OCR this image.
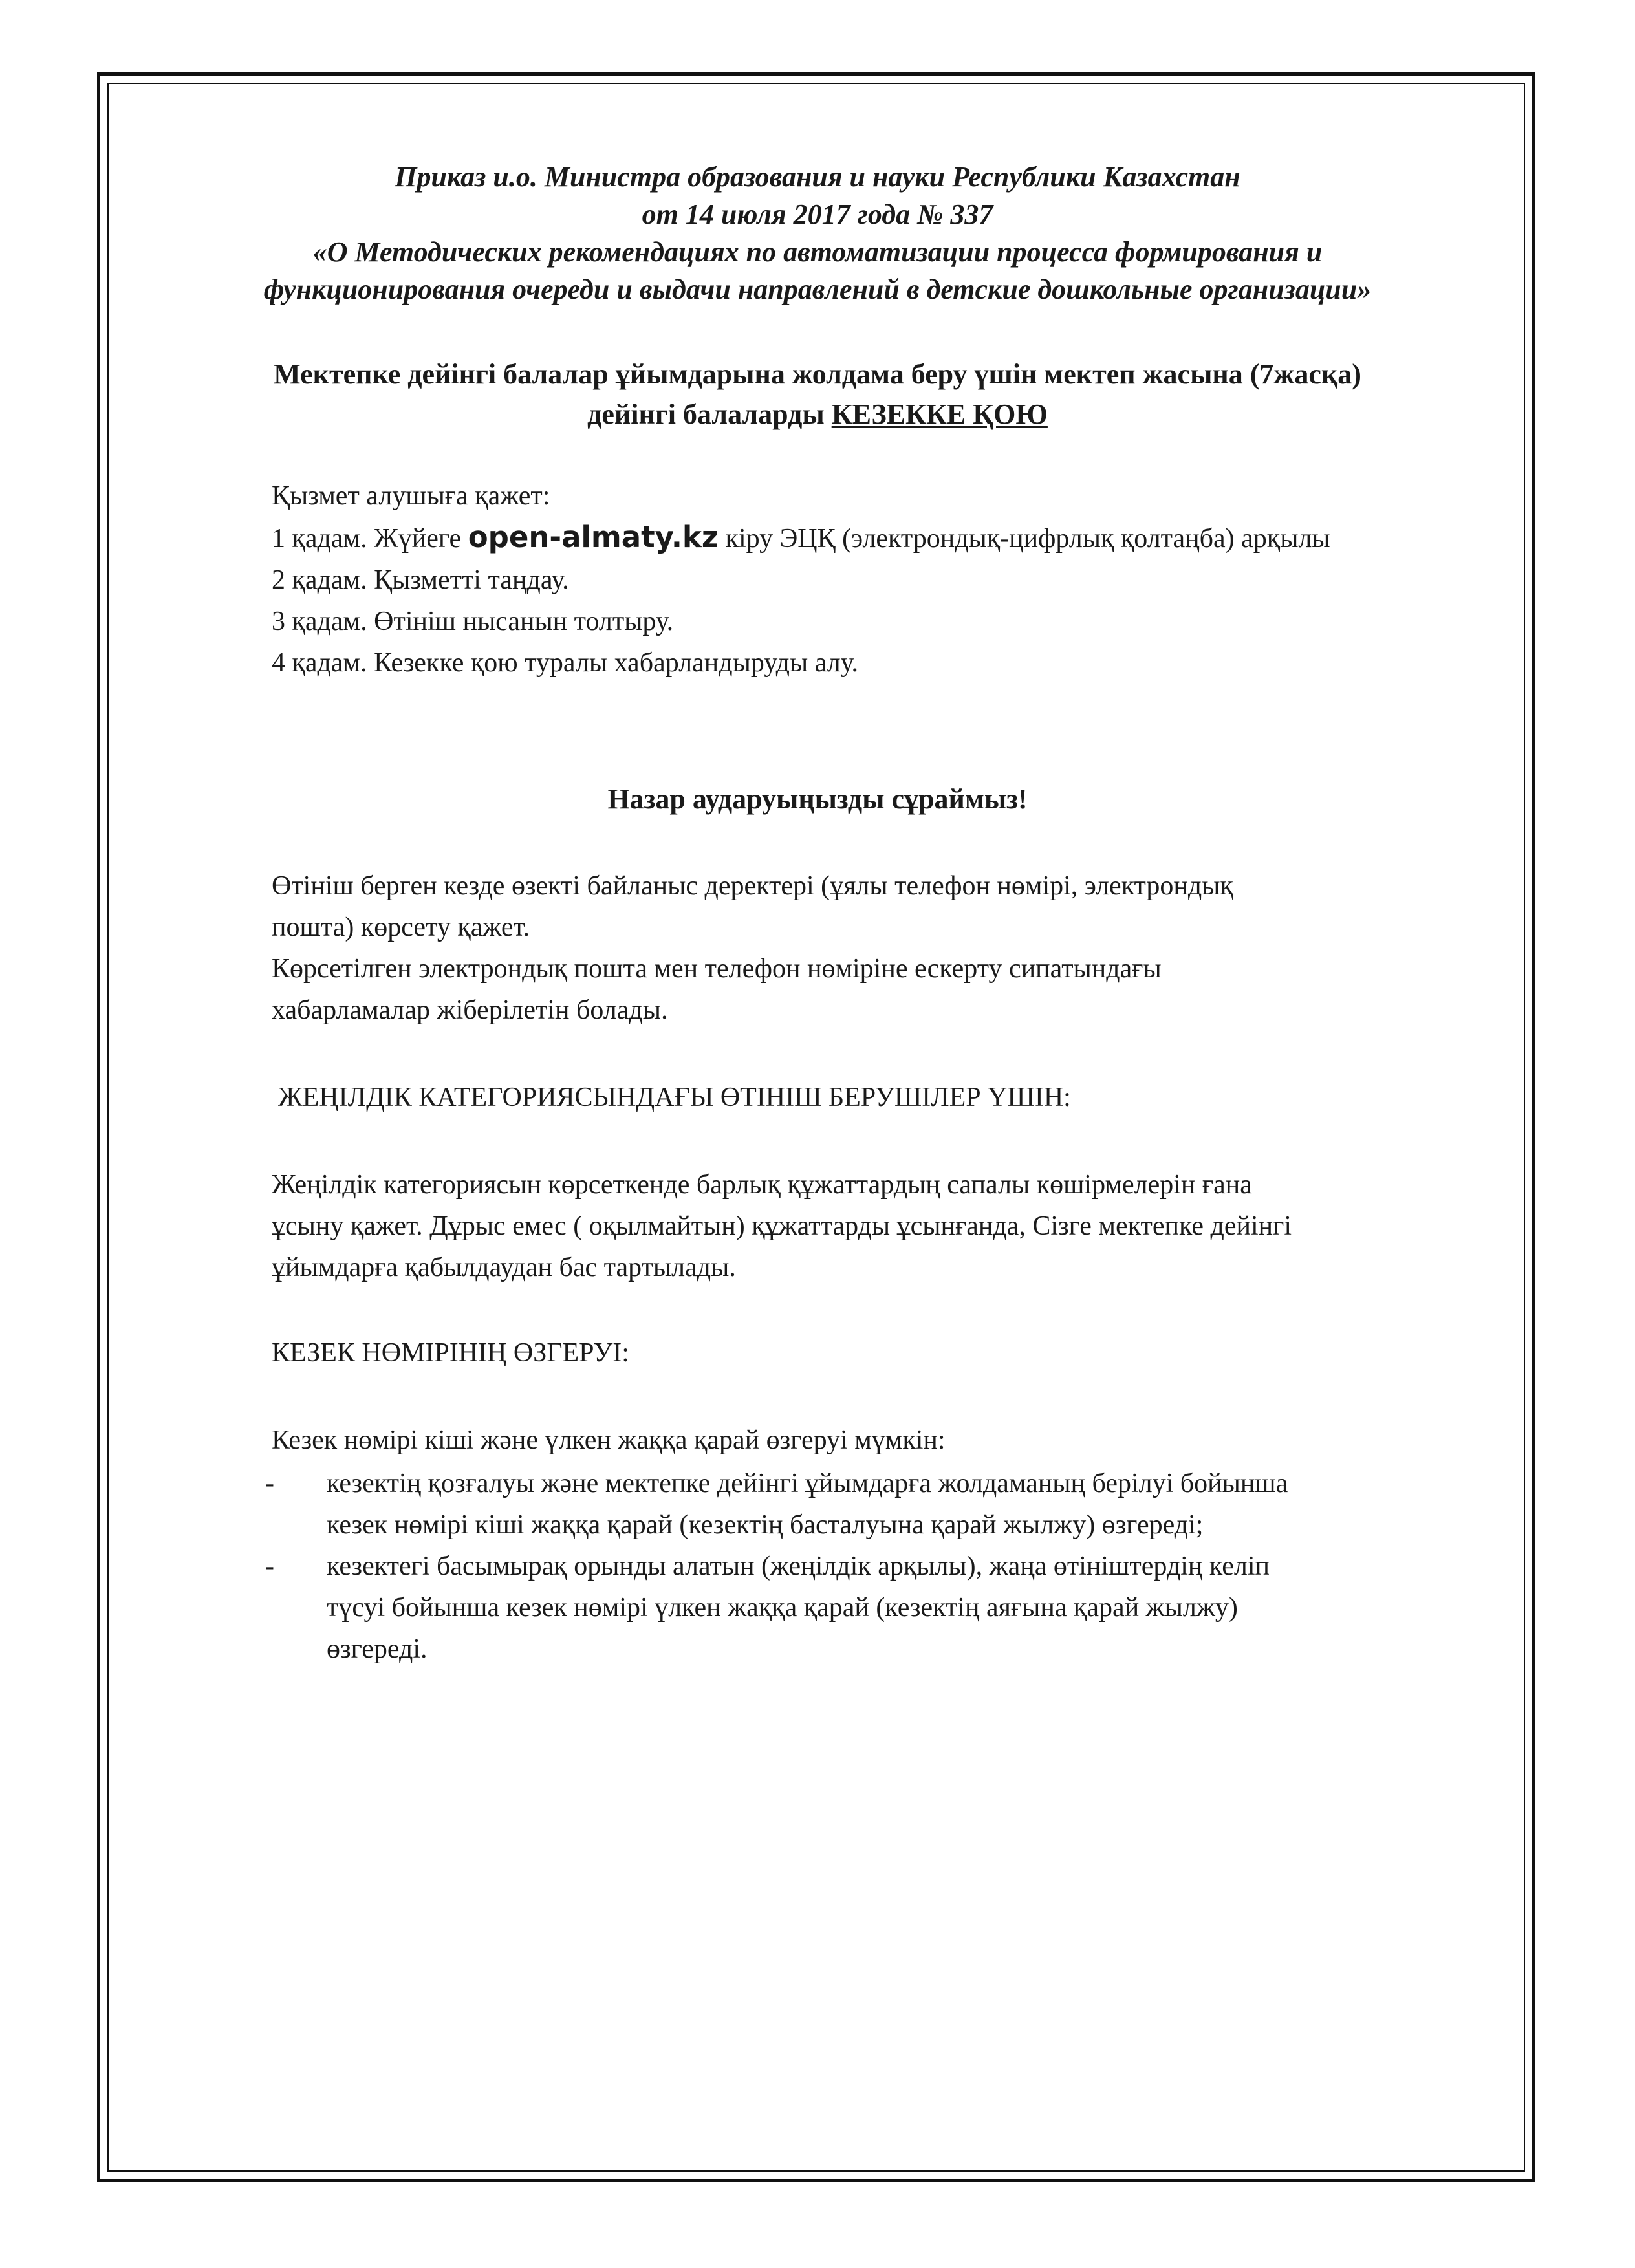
Приказ и.о. Министра образования и науки Республики Казахстан
от 14 июля 2017 года № 337
«О Методических рекомендациях по автоматизации процесса формирования и
функционирования очереди и выдачи направлений в детские дошкольные организации»
Мектепке дейінгі балалар ұйымдарына жолдама беру үшін мектеп жасына (7жасқа)
дейінгі балаларды КЕЗЕККЕ ҚОЮ

Қызмет алушыға қажет:

1 қадам. Жүйеге open-almaty.kz кіру ЭЦҚ (электрондық-цифрлық қолтаңба) арқылы

2 қадам. Қызметті таңдау.

3 қадам. Өтініш нысанын толтыру.

4 қадам. Кезекке қою туралы хабарландыруды алу.

Назар аударуыңызды сұраймыз!

Өтініш берген кезде өзекті байланыс деректері (ұялы телефон нөмірі, электрондық

пошта) көрсету қажет.

Көрсетілген электрондық пошта мен телефон нөміріне ескерту сипатындағы

хабарламалар жіберілетін болады.

ЖЕҢІЛДІК КАТЕГОРИЯСЫНДАҒЫ ӨТІНІШ БЕРУШІЛЕР ҮШІН:

Жеңілдік категориясын көрсеткенде барлық құжаттардың сапалы көшірмелерін ғана

ұсыну қажет. Дұрыс емес ( оқылмайтын) құжаттарды ұсынғанда, Сізге мектепке дейінгі

ұйымдарға қабылдаудан бас тартылады.

КЕЗЕК НӨМІРІНІҢ ӨЗГЕРУІ:

Кезек нөмірі кіші және үлкен жаққа қарай өзгеруі мүмкін:

- кезектің қозғалуы және мектепке дейінгі ұйымдарға жолдаманың берілуі бойынша
кезек нөмірі кіші жаққа қарай (кезектің басталуына қарай жылжу) өзгереді;
- кезектегі басымырақ орынды алатын (жеңілдік арқылы), жаңа өтініштердің келіп
түсуі бойынша кезек нөмірі үлкен жаққа қарай (кезектің аяғына қарай жылжу)
өзгереді.
